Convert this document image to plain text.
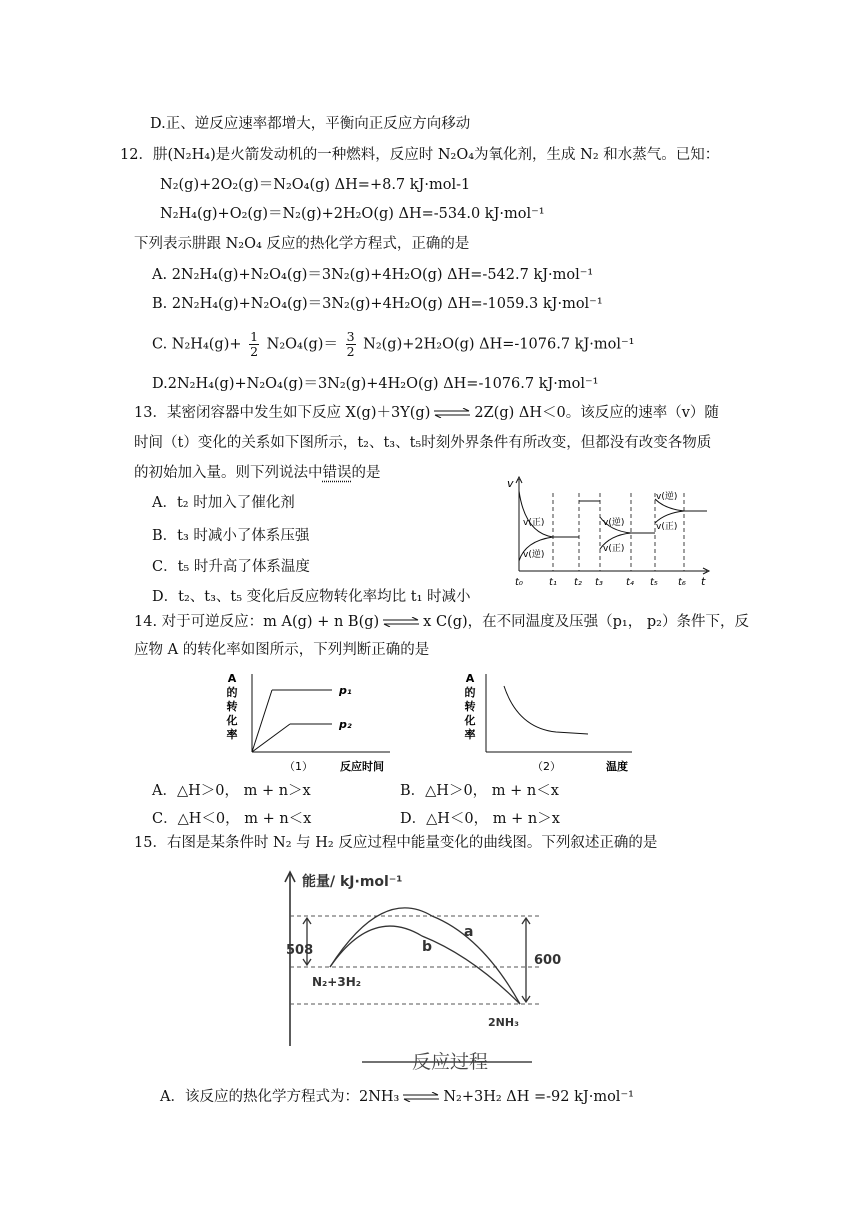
D.正、逆反应速率都增大，平衡向正反应方向移动
12．肼(N₂H₄)是火箭发动机的一种燃料，反应时 N₂O₄为氧化剂，生成 N₂ 和水蒸气。已知：
N₂(g)+2O₂(g)＝N₂O₄(g) ΔH=+8.7 kJ·mol-1
N₂H₄(g)+O₂(g)＝N₂(g)+2H₂O(g) ΔH=-534.0 kJ·mol⁻¹
下列表示肼跟 N₂O₄ 反应的热化学方程式，正确的是
A. 2N₂H₄(g)+N₂O₄(g)＝3N₂(g)+4H₂O(g) ΔH=-542.7 kJ·mol⁻¹
B. 2N₂H₄(g)+N₂O₄(g)＝3N₂(g)+4H₂O(g) ΔH=-1059.3 kJ·mol⁻¹
C. $N_2H_4(g)+ \frac{1}{2} N_2O_4(g)= \frac{3}{2} N_2(g)+2H_2O(g)$ ΔH=-1076.7 kJ·mol⁻¹
D.2N₂H₄(g)+N₂O₄(g)＝3N₂(g)+4H₂O(g) ΔH=-1076.7 kJ·mol⁻¹
13．某密闭容器中发生如下反应 X(g)＋3Y(g)	2Z(g) ΔH＜0。该反应的速率（v）随
时间（t）变化的关系如下图所示，t₂、t₃、t₅时刻外界条件有所改变，但都没有改变各物质
的初始加入量。则下列说法中错误的是
A．t₂ 时加入了催化剂
B．t₃ 时减小了体系压强
C．t₅ 时升高了体系温度
D．t₂、t₃、t₅ 变化后反应物转化率均比 t₁ 时减小
v
t
v(正)
v(逆)
v(逆)
v(正)
v(逆)
v(正)
t₀	t₁ t₂ t₃ t₄ t₅ t₆
14. 对于可逆反应：m A(g) + n B(g)	x C(g)，在不同温度及压强（p₁， p₂）条件下，反
应物 A 的转化率如图所示，下列判断正确的是
A
的
转
化
率
p₁
p₂
（1） 反应时间
A
的
转
化
率
（2）	温度
A．△H＞0， m + n＞x	B．△H＞0， m + n＜x
C．△H＜0， m + n＜x	D．△H＜0， m + n＞x
15．右图是某条件时 N₂ 与 H₂ 反应过程中能量变化的曲线图。下列叙述正确的是
能量/ kJ·mol⁻¹
508
600
N₂+3H₂
2NH₃
a
b
反应过程
A．该反应的热化学方程式为：2NH₃	N₂+3H₂ ΔH =-92 kJ·mol⁻¹
